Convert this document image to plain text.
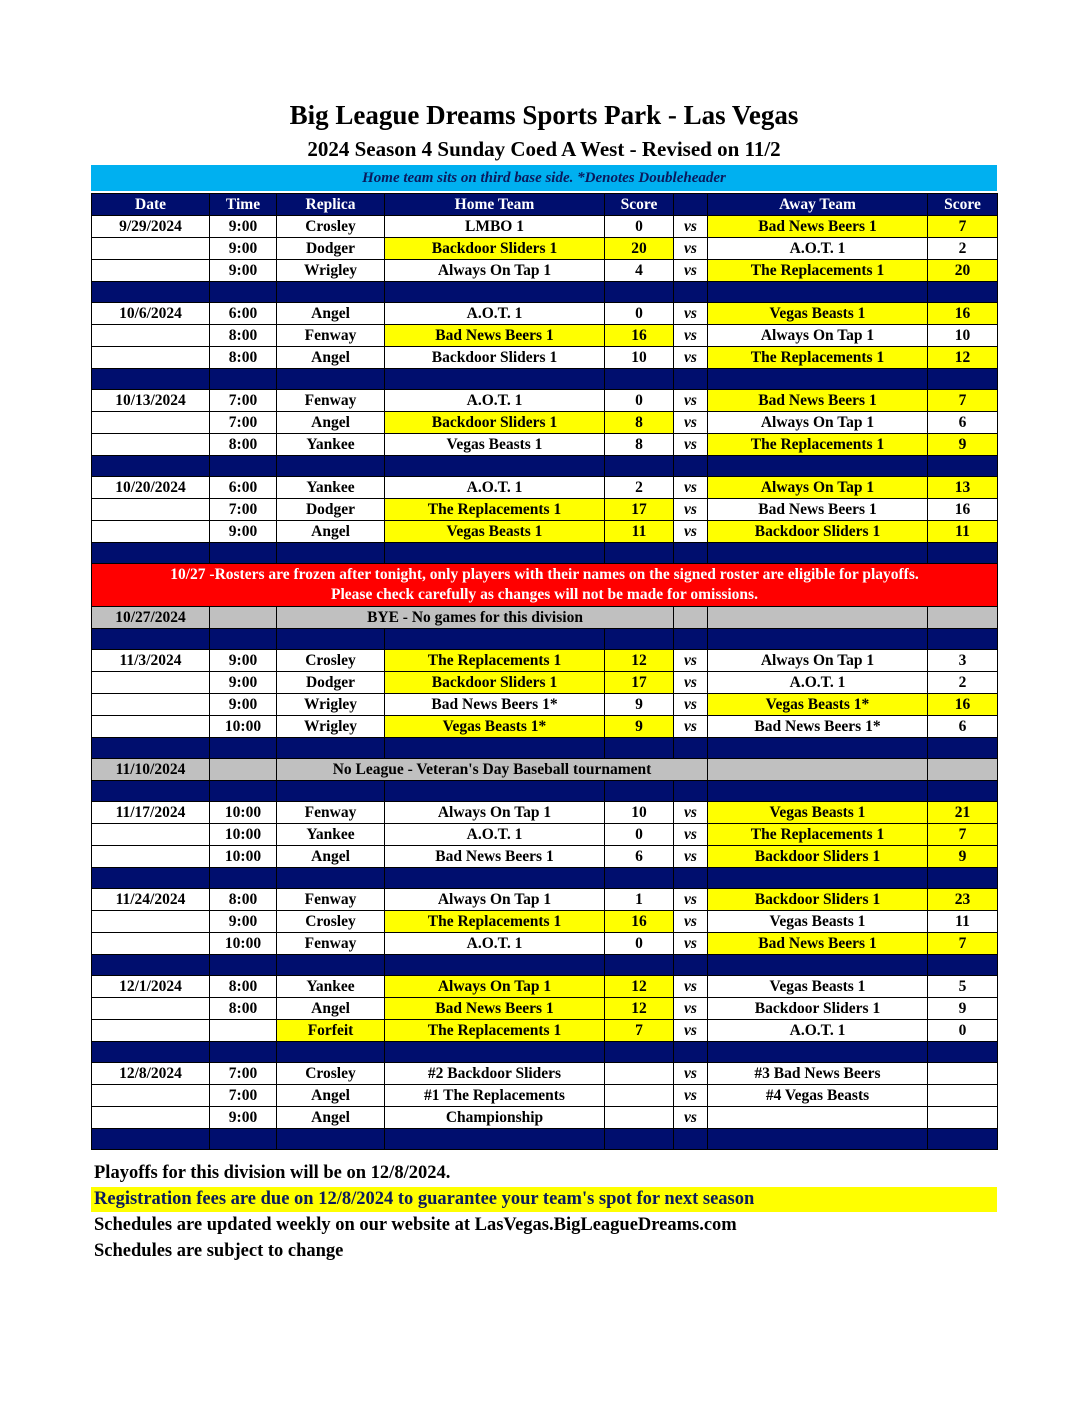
Big League Dreams Sports Park - Las Vegas
2024 Season 4 Sunday Coed A West - Revised on 11/2
Home team sits on third base side. *Denotes Doubleheader
Date	Time	Replica	Home Team	Score		Away Team	Score
9/29/2024	9:00	Crosley	LMBO 1	0	vs	Bad News Beers 1	7
	9:00	Dodger	Backdoor Sliders 1	20	vs	A.O.T. 1	2
	9:00	Wrigley	Always On Tap 1	4	vs	The Replacements 1	20

10/6/2024	6:00	Angel	A.O.T. 1	0	vs	Vegas Beasts 1	16
	8:00	Fenway	Bad News Beers 1	16	vs	Always On Tap 1	10
	8:00	Angel	Backdoor Sliders 1	10	vs	The Replacements 1	12

10/13/2024	7:00	Fenway	A.O.T. 1	0	vs	Bad News Beers 1	7
	7:00	Angel	Backdoor Sliders 1	8	vs	Always On Tap 1	6
	8:00	Yankee	Vegas Beasts 1	8	vs	The Replacements 1	9

10/20/2024	6:00	Yankee	A.O.T. 1	2	vs	Always On Tap 1	13
	7:00	Dodger	The Replacements 1	17	vs	Bad News Beers 1	16
	9:00	Angel	Vegas Beasts 1	11	vs	Backdoor Sliders 1	11

10/27 -Rosters are frozen after tonight, only players with their names on the signed roster are eligible for playoffs.
Please check carefully as changes will not be made for omissions.							

10/27/2024		BYE - No games for this division					

11/3/2024	9:00	Crosley	The Replacements 1	12	vs	Always On Tap 1	3
	9:00	Dodger	Backdoor Sliders 1	17	vs	A.O.T. 1	2
	9:00	Wrigley	Bad News Beers 1*	9	vs	Vegas Beasts 1*	16
	10:00	Wrigley	Vegas Beasts 1*	9	vs	Bad News Beers 1*	6

11/10/2024		No League - Veteran's Day Baseball tournament					

11/17/2024	10:00	Fenway	Always On Tap 1	10	vs	Vegas Beasts 1	21
	10:00	Yankee	A.O.T. 1	0	vs	The Replacements 1	7
	10:00	Angel	Bad News Beers 1	6	vs	Backdoor Sliders 1	9

11/24/2024	8:00	Fenway	Always On Tap 1	1	vs	Backdoor Sliders 1	23
	9:00	Crosley	The Replacements 1	16	vs	Vegas Beasts 1	11
	10:00	Fenway	A.O.T. 1	0	vs	Bad News Beers 1	7

12/1/2024	8:00	Yankee	Always On Tap 1	12	vs	Vegas Beasts 1	5
	8:00	Angel	Bad News Beers 1	12	vs	Backdoor Sliders 1	9
		Forfeit	The Replacements 1	7	vs	A.O.T. 1	0

12/8/2024	7:00	Crosley	#2 Backdoor Sliders		vs	#3 Bad News Beers	
	7:00	Angel	#1 The Replacements		vs	#4 Vegas Beasts	
	9:00	Angel	Championship		vs		

Playoffs for this division will be on 12/8/2024.
Registration fees are due on 12/8/2024 to guarantee your team's spot for next season
Schedules are updated weekly on our website at LasVegas.BigLeagueDreams.com
Schedules are subject to change
